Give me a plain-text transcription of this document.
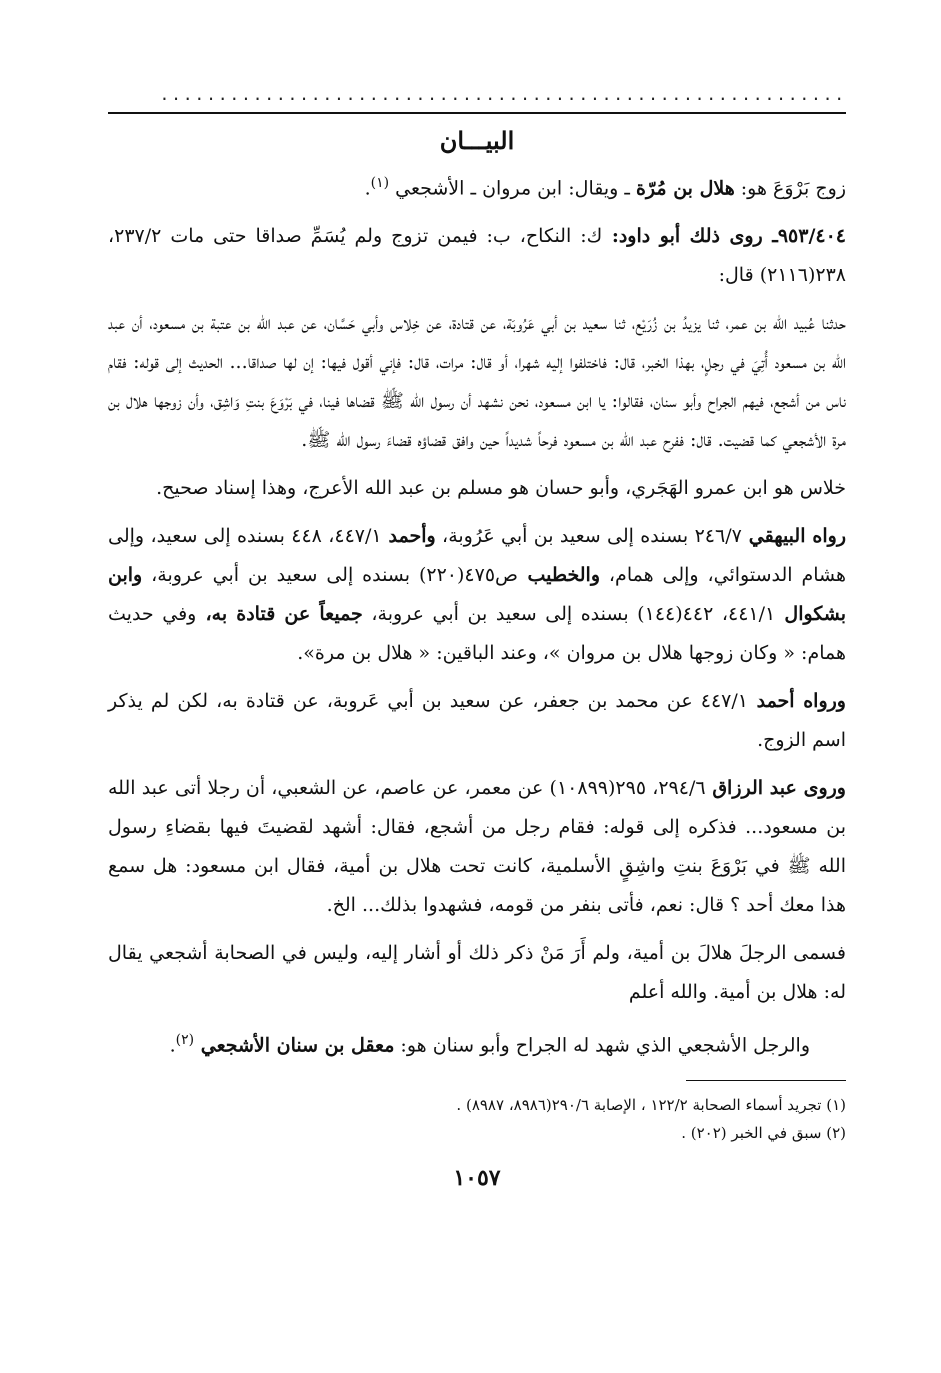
...........................................................
البيـــان

زوج بَرْوَعَ هو: هلال بن مُرّة ـ ويقال: ابن مروان ـ الأشجعي $^{(١)}$.

٩٥٣/٤٠٤ـ روى ذلك أبو داود: ك: النكاح، ب: فيمن تزوج ولم يُسَمِّ صداقا حتى مات ٢٣٧/٢، ٢٣٨(٢١١٦) قال:

حدثنا عُبيد الله بن عمر، ثنا يزيدُ بن زُرَيْع، ثنا سعيد بن أبي عَرُوبَة، عن قتادة، عن خِلاس وأبي حَسَّان، عن عبد الله بن عتبة بن مسعود، أن عبد الله بن مسعود أُتِيَ في رجلٍ، بهذا الخبر، قال: فاختلفوا إليه شهرا، أو قال: مرات، قال: فإني أقول فيها: إن لها صداقا... الحديث إلى قوله: فقام ناس من أشجع، فيهم الجراح وأبو سنان، فقالوا: يا ابن مسعود، نحن نشهد أن رسول الله ﷺ قضاها فينا، في بَرْوَعَ بنتِ وَاشِق، وأن زوجها هلال بن مرة الأشجعي كما قضيت. قال: ففرح عبد الله بن مسعود فرحاً شديداً حين وافق قضاؤه قضاءَ رسول الله ﷺ.

خلاس هو ابن عمرو الهَجَري، وأبو حسان هو مسلم بن عبد الله الأعرج، وهذا إسناد صحيح.

رواه البيهقي ٢٤٦/٧ بسنده إلى سعيد بن أبي عَرُوبة، وأحمد ٤٤٧/١، ٤٤٨ بسنده إلى سعيد، وإلى هشام الدستوائي، وإلى همام، والخطيب ص٤٧٥(٢٢٠) بسنده إلى سعيد بن أبي عروبة، وابن بشكوال ٤٤١/١، ٤٤٢(١٤٤) بسنده إلى سعيد بن أبي عروبة، جميعاً عن قتادة به، وفي حديث همام: « وكان زوجها هلال بن مروان »، وعند الباقين: « هلال بن مرة».

ورواه أحمد ٤٤٧/١ عن محمد بن جعفر، عن سعيد بن أبي عَروبة، عن قتادة به، لكن لم يذكر اسم الزوج.

وروى عبد الرزاق ٢٩٤/٦، ٢٩٥(١٠٨٩٩) عن معمر، عن عاصم، عن الشعبي، أن رجلا أتى عبد الله بن مسعود... فذكره إلى قوله: فقام رجل من أشجع، فقال: أشهد لقضيتَ فيها بقضاءِ رسول الله ﷺ في بَرْوَعَ بنتِ واشِقٍ الأسلمية، كانت تحت هلال بن أمية، فقال ابن مسعود: هل سمع هذا معك أحد ؟ قال: نعم، فأتى بنفر من قومه، فشهدوا بذلك... الخ.

فسمى الرجلَ هلالَ بن أمية، ولم أَرَ مَنْ ذكر ذلك أو أشار إليه، وليس في الصحابة أشجعي يقال له: هلال بن أمية. والله أعلم

والرجل الأشجعي الذي شهد له الجراح وأبو سنان هو: معقل بن سنان الأشجعي $^{(٢)}$.

(١) تجريد أسماء الصحابة ١٢٢/٢ ، الإصابة ٢٩٠/٦(٨٩٨٦، ٨٩٨٧) .

(٢) سبق في الخبر (٢٠٢) .

١٠٥٧
